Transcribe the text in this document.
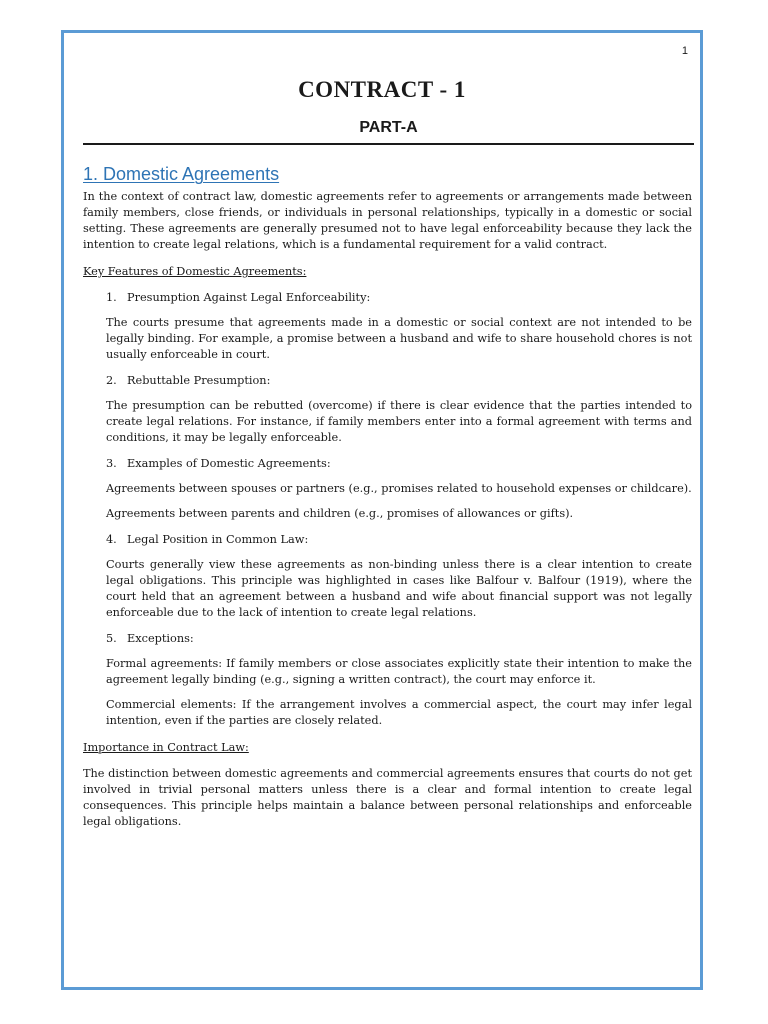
1
CONTRACT - 1
PART-A
1. Domestic Agreements

In the context of contract law, domestic agreements refer to agreements or arrangements made between family members, close friends, or individuals in personal relationships, typically in a domestic or social setting. These agreements are generally presumed not to have legal enforceability because they lack the intention to create legal relations, which is a fundamental requirement for a valid contract.

Key Features of Domestic Agreements:
1. Presumption Against Legal Enforceability:

The courts presume that agreements made in a domestic or social context are not intended to be legally binding. For example, a promise between a husband and wife to share household chores is not usually enforceable in court.

2. Rebuttable Presumption:

The presumption can be rebutted (overcome) if there is clear evidence that the parties intended to create legal relations. For instance, if family members enter into a formal agreement with terms and conditions, it may be legally enforceable.

3. Examples of Domestic Agreements:

Agreements between spouses or partners (e.g., promises related to household expenses or childcare).

Agreements between parents and children (e.g., promises of allowances or gifts).

4. Legal Position in Common Law:

Courts generally view these agreements as non-binding unless there is a clear intention to create legal obligations. This principle was highlighted in cases like Balfour v. Balfour (1919), where the court held that an agreement between a husband and wife about financial support was not legally enforceable due to the lack of intention to create legal relations.

5. Exceptions:

Formal agreements: If family members or close associates explicitly state their intention to make the agreement legally binding (e.g., signing a written contract), the court may enforce it.

Commercial elements: If the arrangement involves a commercial aspect, the court may infer legal intention, even if the parties are closely related.

Importance in Contract Law:

The distinction between domestic agreements and commercial agreements ensures that courts do not get involved in trivial personal matters unless there is a clear and formal intention to create legal consequences. This principle helps maintain a balance between personal relationships and enforceable legal obligations.
